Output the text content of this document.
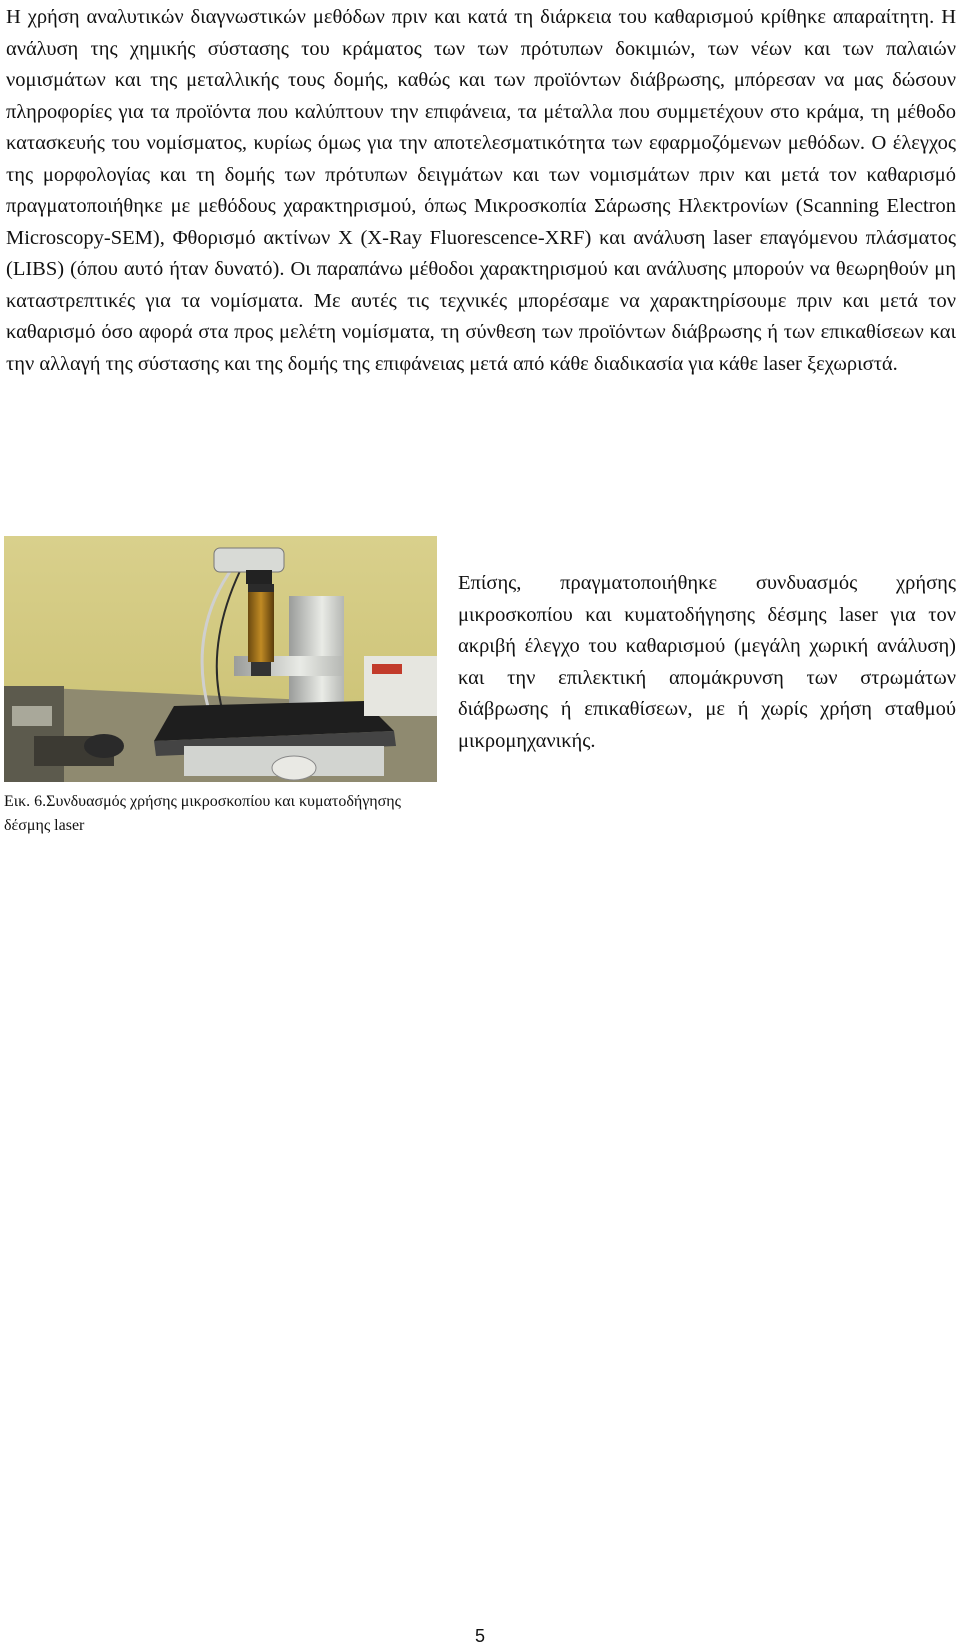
Η χρήση αναλυτικών διαγνωστικών μεθόδων πριν και κατά τη διάρκεια του καθαρισμού κρίθηκε απαραίτητη. Η ανάλυση της χημικής σύστασης του κράματος των των πρότυπων δοκιμιών, των νέων και των παλαιών νομισμάτων και της μεταλλικής τους δομής, καθώς και των προϊόντων διάβρωσης, μπόρεσαν να μας δώσουν πληροφορίες για τα προϊόντα που καλύπτουν την επιφάνεια, τα μέταλλα που συμμετέχουν στο κράμα, τη μέθοδο κατασκευής του νομίσματος, κυρίως όμως για την αποτελεσματικότητα των εφαρμοζόμενων μεθόδων. Ο έλεγχος της μορφολογίας και τη δομής των πρότυπων δειγμάτων και των νομισμάτων πριν και μετά τον καθαρισμό πραγματοποιήθηκε με μεθόδους χαρακτηρισμού, όπως Μικροσκοπία Σάρωσης Ηλεκτρονίων (Scanning Electron Microscopy-SEM), Φθορισμό ακτίνων Χ (X-Ray Fluorescence-XRF) και ανάλυση laser επαγόμενου πλάσματος (LIBS) (όπου αυτό ήταν δυνατό). Οι παραπάνω μέθοδοι χαρακτηρισμού και ανάλυσης μπορούν να θεωρηθούν μη καταστρεπτικές για τα νομίσματα. Με αυτές τις τεχνικές μπορέσαμε να χαρακτηρίσουμε πριν και μετά τον καθαρισμό όσο αφορά στα προς μελέτη νομίσματα, τη σύνθεση των προϊόντων διάβρωσης ή των επικαθίσεων και την αλλαγή της σύστασης και της δομής της επιφάνειας μετά από κάθε διαδικασία για κάθε laser ξεχωριστά.

Εικ. 6.Συνδυασμός χρήσης μικροσκοπίου και κυματοδήγησης δέσμης laser

Επίσης, πραγματοποιήθηκε συνδυασμός χρήσης μικροσκοπίου και κυματοδήγησης δέσμης laser για τον ακριβή έλεγχο του καθαρισμού (μεγάλη χωρική ανάλυση) και την επιλεκτική απομάκρυνση των στρωμάτων διάβρωσης ή επικαθίσεων, με ή χωρίς χρήση σταθμού μικρομηχανικής.

5
